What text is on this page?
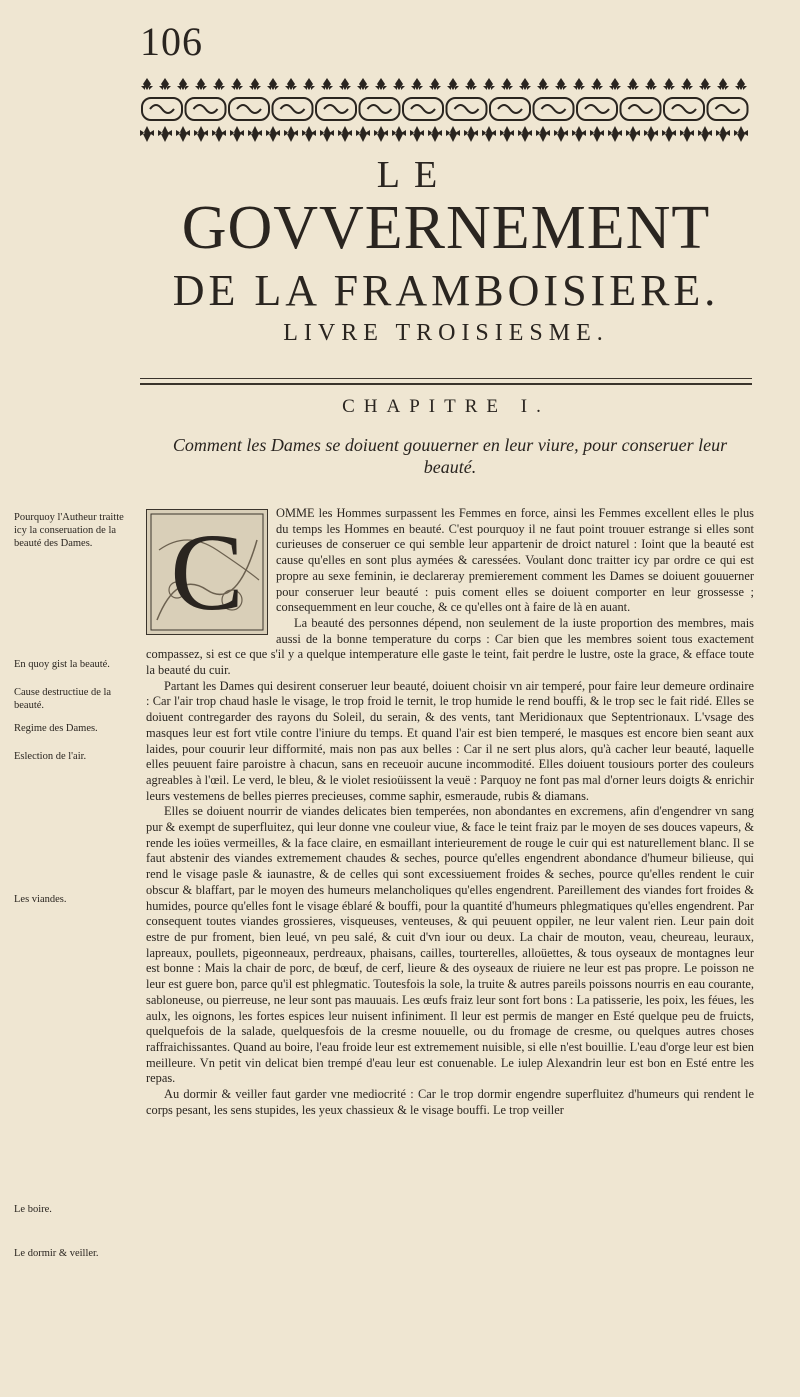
106
LE
GOVVERNEMENT
DE LA FRAMBOISIERE.
LIVRE TROISIESME.
CHAPITRE I.
Comment les Dames se doiuent gouuerner en leur viure, pour conseruer leur beauté.
Pourquoy l'Autheur traitte icy la conseruation de la beauté des Dames.
En quoy gist la beauté.
Cause destructiue de la beauté.
Regime des Dames.
Eslection de l'air.
Les viandes.
Le boire.
Le dormir & veiller.
C	OMME les Hommes surpassent les Femmes en force, ainsi les Femmes excellent elles le plus du temps les Hommes en beauté. C'est pourquoy il ne faut point trouuer estrange si elles sont curieuses de conseruer ce qui semble leur appartenir de droict naturel : Ioint que la beauté est cause qu'elles en sont plus aymées & caressées. Voulant donc traitter icy par ordre ce qui est propre au sexe feminin, ie declareray premierement comment les Dames se doiuent gouuerner pour conseruer leur beauté : puis coment elles se doiuent comporter en leur grossesse ; consequemment en leur couche, & ce qu'elles ont à faire de là en auant.

La beauté des personnes dépend, non seulement de la iuste proportion des membres, mais aussi de la bonne temperature du corps : Car bien que les membres soient tous exactement compassez, si est ce que s'il y a quelque intemperature elle gaste le teint, fait perdre le lustre, oste la grace, & efface toute la beauté du cuir.

Partant les Dames qui desirent conseruer leur beauté, doiuent choisir vn air temperé, pour faire leur demeure ordinaire : Car l'air trop chaud hasle le visage, le trop froid le ternit, le trop humide le rend bouffi, & le trop sec le fait ridé. Elles se doiuent contregarder des rayons du Soleil, du serain, & des vents, tant Meridionaux que Septentrionaux. L'vsage des masques leur est fort vtile contre l'iniure du temps. Et quand l'air est bien temperé, le masques est encore bien seant aux laides, pour couurir leur difformité, mais non pas aux belles : Car il ne sert plus alors, qu'à cacher leur beauté, laquelle elles peuuent faire paroistre à chacun, sans en receuoir aucune incommodité. Elles doiuent tousiours porter des couleurs agreables à l'œil. Le verd, le bleu, & le violet resioüissent la veuë : Parquoy ne font pas mal d'orner leurs doigts & enrichir leurs vestemens de belles pierres precieuses, comme saphir, esmeraude, rubis & diamans.

Elles se doiuent nourrir de viandes delicates bien temperées, non abondantes en excremens, afin d'engendrer vn sang pur & exempt de superfluitez, qui leur donne vne couleur viue, & face le teint fraiz par le moyen de ses douces vapeurs, & rende les ioües vermeilles, & la face claire, en esmaillant interieurement de rouge le cuir qui est naturellement blanc. Il se faut abstenir des viandes extremement chaudes & seches, pource qu'elles engendrent abondance d'humeur bilieuse, qui rend le visage pasle & iaunastre, & de celles qui sont excessiuement froides & seches, pource qu'elles rendent le cuir obscur & blaffart, par le moyen des humeurs melancholiques qu'elles engendrent. Pareillement des viandes fort froides & humides, pource qu'elles font le visage éblaré & bouffi, pour la quantité d'humeurs phlegmatiques qu'elles engendrent. Par consequent toutes viandes grossieres, visqueuses, venteuses, & qui peuuent oppiler, ne leur valent rien. Leur pain doit estre de pur froment, bien leué, vn peu salé, & cuit d'vn iour ou deux. La chair de mouton, veau, cheureau, leuraux, lapreaux, poullets, pigeonneaux, perdreaux, phaisans, cailles, tourterelles, alloüettes, & tous oyseaux de montagnes leur est bonne : Mais la chair de porc, de bœuf, de cerf, lieure & des oyseaux de riuiere ne leur est pas propre. Le poisson ne leur est guere bon, parce qu'il est phlegmatic. Toutesfois la sole, la truite & autres pareils poissons nourris en eau courante, sabloneuse, ou pierreuse, ne leur sont pas mauuais. Les œufs fraiz leur sont fort bons : La patisserie, les poix, les féues, les aulx, les oignons, les fortes espices leur nuisent infiniment. Il leur est permis de manger en Esté quelque peu de fruicts, quelquefois de la salade, quelquesfois de la cresme nouuelle, ou du fromage de cresme, ou quelques autres choses raffraichissantes. Quand au boire, l'eau froide leur est extremement nuisible, si elle n'est bouillie. L'eau d'orge leur est bien meilleure. Vn petit vin delicat bien trempé d'eau leur est conuenable. Le iulep Alexandrin leur est bon en Esté entre les repas.

Au dormir & veiller faut garder vne mediocrité : Car le trop dormir engendre superfluitez d'humeurs qui rendent le corps pesant, les sens stupides, les yeux chassieux & le visage bouffi. Le trop veiller
